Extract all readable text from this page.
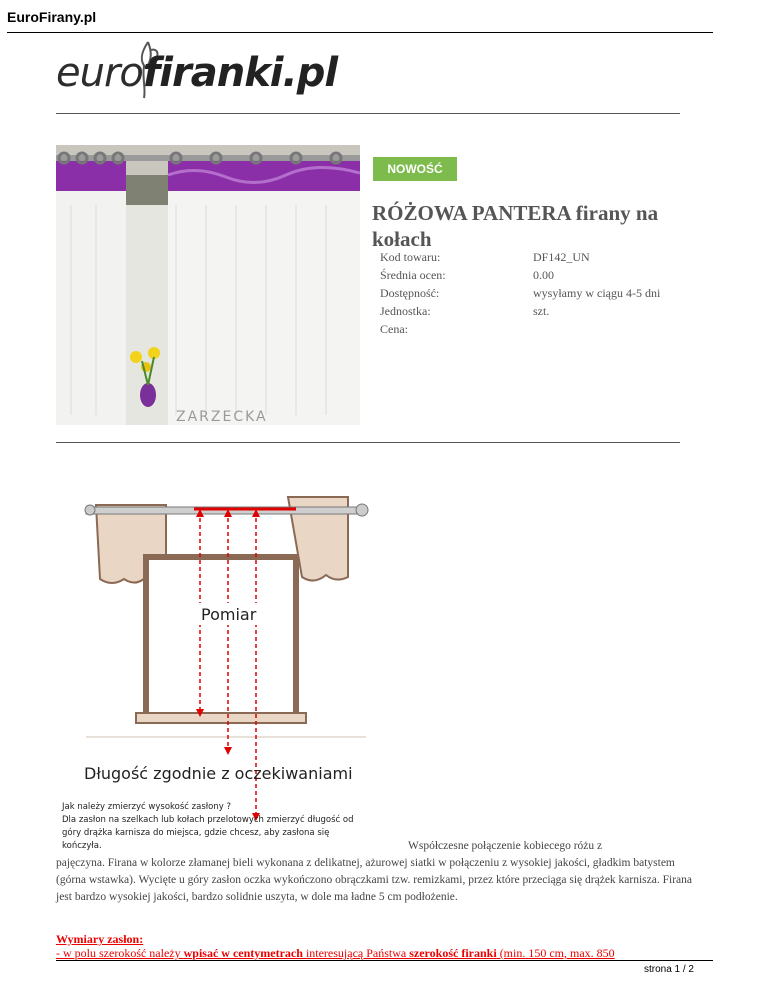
EuroFirany.pl
eurofiranki.pl
ZARZECKA
NOWOŚĆ
RÓŻOWA PANTERA firany na kołach
Kod towaru:	DF142_UN
Średnia ocen:	0.00
Dostępność:	wysyłamy w ciągu 4-5 dni
Jednostka:	szt.
Cena:
Pomiar
Długość zgodnie z oczekiwaniami
Jak należy zmierzyć wysokość zasłony ?
Dla zasłon na szelkach lub kołach przelotowych zmierzyć długość od
góry drążka karnisza do miejsca, gdzie chcesz, aby zasłona się
kończyła.	Współczesne połączenie kobiecego różu z
pajęczyna. Firana w kolorze złamanej bieli wykonana z delikatnej, ażurowej siatki w połączeniu z wysokiej jakości, gładkim batystem (górna wstawka). Wycięte u góry zasłon oczka wykończono obrączkami tzw. remizkami, przez które przeciąga się drążek karnisza. Firana jest bardzo wysokiej jakości, bardzo solidnie uszyta, w dole ma ładne 5 cm podłożenie.
Wymiary zasłon:
- w polu szerokość należy wpisać w centymetrach interesującą Państwa szerokość firanki (min. 150 cm, max. 850
strona 1 / 2
